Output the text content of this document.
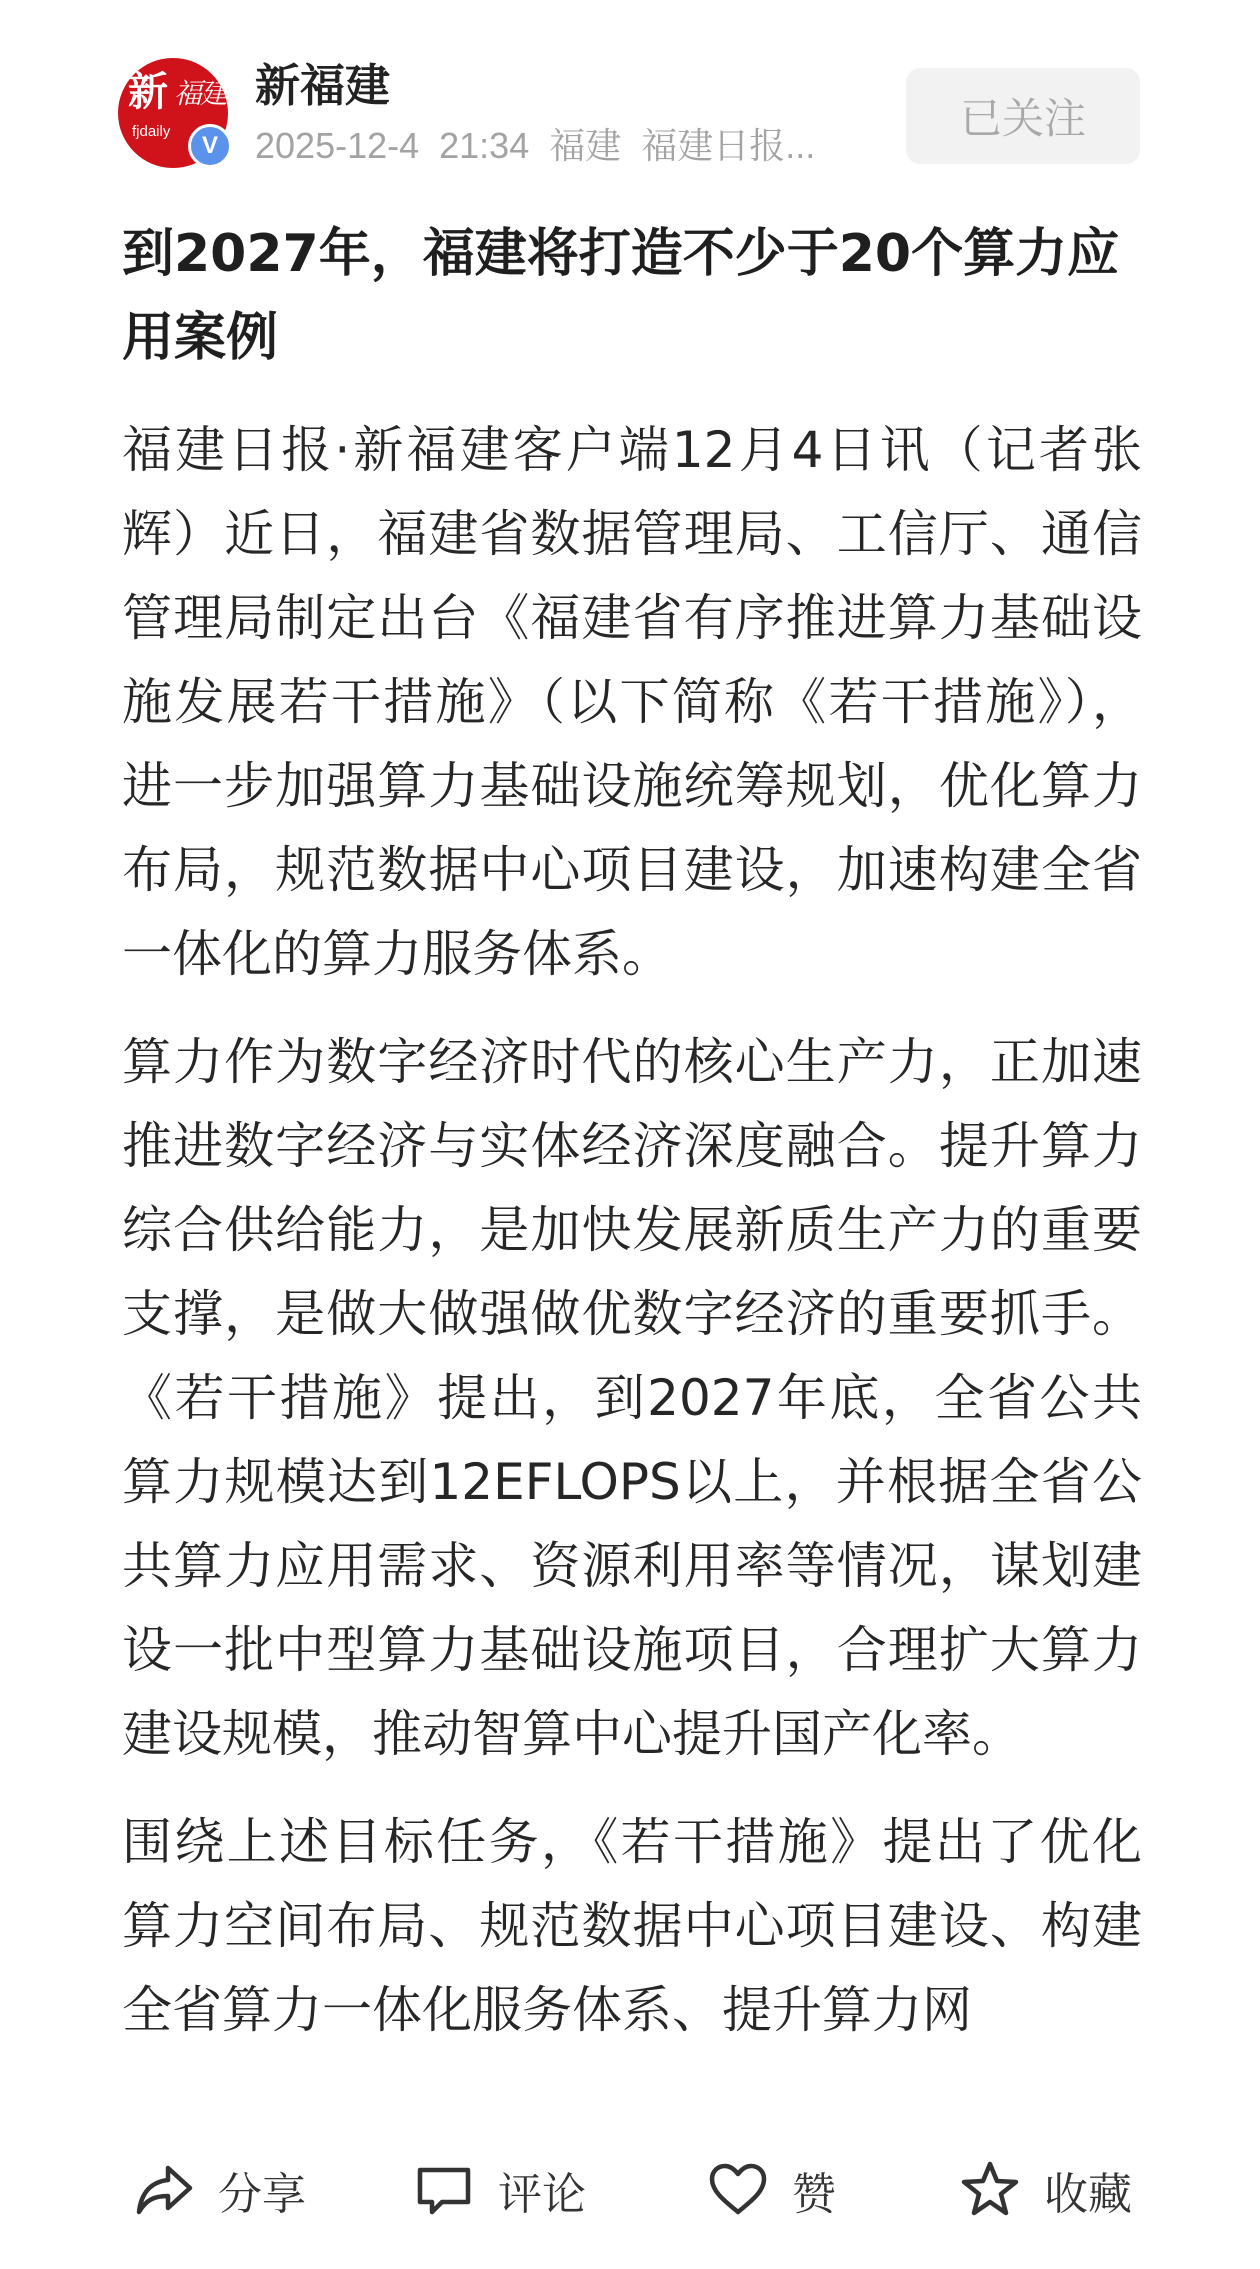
新 福建
fjdaily
V
新福建
2025-12-4 21:34 福建 福建日报...
已关注
到2027年，福建将打造不少于20个算力应用案例

福建日报·新福建客户端12月4日讯（记者张辉）近日，福建省数据管理局、工信厅、通信管理局制定出台《福建省有序推进算力基础设施发展若干措施》（以下简称《若干措施》），进一步加强算力基础设施统筹规划，优化算力布局，规范数据中心项目建设，加速构建全省一体化的算力服务体系。

算力作为数字经济时代的核心生产力，正加速推进数字经济与实体经济深度融合。提升算力综合供给能力，是加快发展新质生产力的重要支撑，是做大做强做优数字经济的重要抓手。《若干措施》提出，到2027年底，全省公共算力规模达到12EFLOPS以上，并根据全省公共算力应用需求、资源利用率等情况，谋划建设一批中型算力基础设施项目，合理扩大算力建设规模，推动智算中心提升国产化率。

围绕上述目标任务，《若干措施》提出了优化算力空间布局、规范数据中心项目建设、构建全省算力一体化服务体系、提升算力网

分享	评论	赞	收藏
